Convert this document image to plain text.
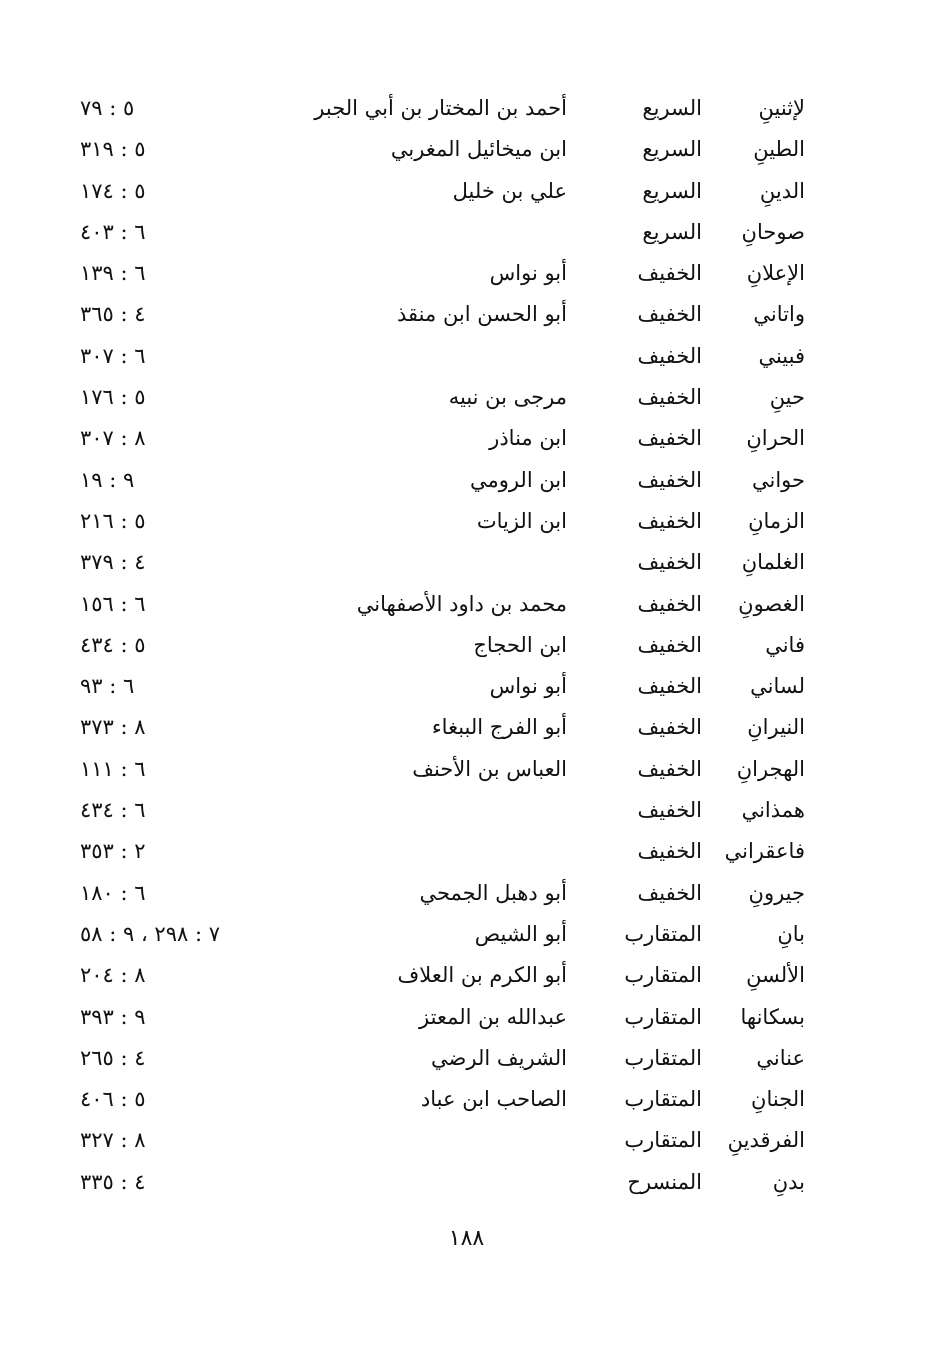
لإثنينِ
السريع
أحمد بن المختار بن أبي الجبر
٥ : ٧٩
الطينِ
السريع
ابن ميخائيل المغربي
٥ : ٣١٩
الدينِ
السريع
علي بن خليل
٥ : ١٧٤
صوحانِ
السريع
٦ : ٤٠٣
الإعلانِ
الخفيف
أبو نواس
٦ : ١٣٩
واتاني
الخفيف
أبو الحسن ابن منقذ
٤ : ٣٦٥
فبيني
الخفيف
٦ : ٣٠٧
حينِ
الخفيف
مرجى بن نبيه
٥ : ١٧٦
الحرانِ
الخفيف
ابن مناذر
٨ : ٣٠٧
حواني
الخفيف
ابن الرومي
٩ : ١٩
الزمانِ
الخفيف
ابن الزيات
٥ : ٢١٦
الغلمانِ
الخفيف
٤ : ٣٧٩
الغصونِ
الخفيف
محمد بن داود الأصفهاني
٦ : ١٥٦
فاني
الخفيف
ابن الحجاج
٥ : ٤٣٤
لساني
الخفيف
أبو نواس
٦ : ٩٣
النيرانِ
الخفيف
أبو الفرج الببغاء
٨ : ٣٧٣
الهجرانِ
الخفيف
العباس بن الأحنف
٦ : ١١١
همذاني
الخفيف
٦ : ٤٣٤
فاعقراني
الخفيف
٢ : ٣٥٣
جيرونِ
الخفيف
أبو دهبل الجمحي
٦ : ١٨٠
بانِ
المتقارب
أبو الشيص
٧ : ٢٩٨ ، ٩ : ٥٨
الألسنِ
المتقارب
أبو الكرم بن العلاف
٨ : ٢٠٤
بسكانها
المتقارب
عبدالله بن المعتز
٩ : ٣٩٣
عناني
المتقارب
الشريف الرضي
٤ : ٢٦٥
الجنانِ
المتقارب
الصاحب ابن عباد
٥ : ٤٠٦
الفرقدينِ
المتقارب
٨ : ٣٢٧
بدنِ
المنسرح
٤ : ٣٣٥
١٨٨
